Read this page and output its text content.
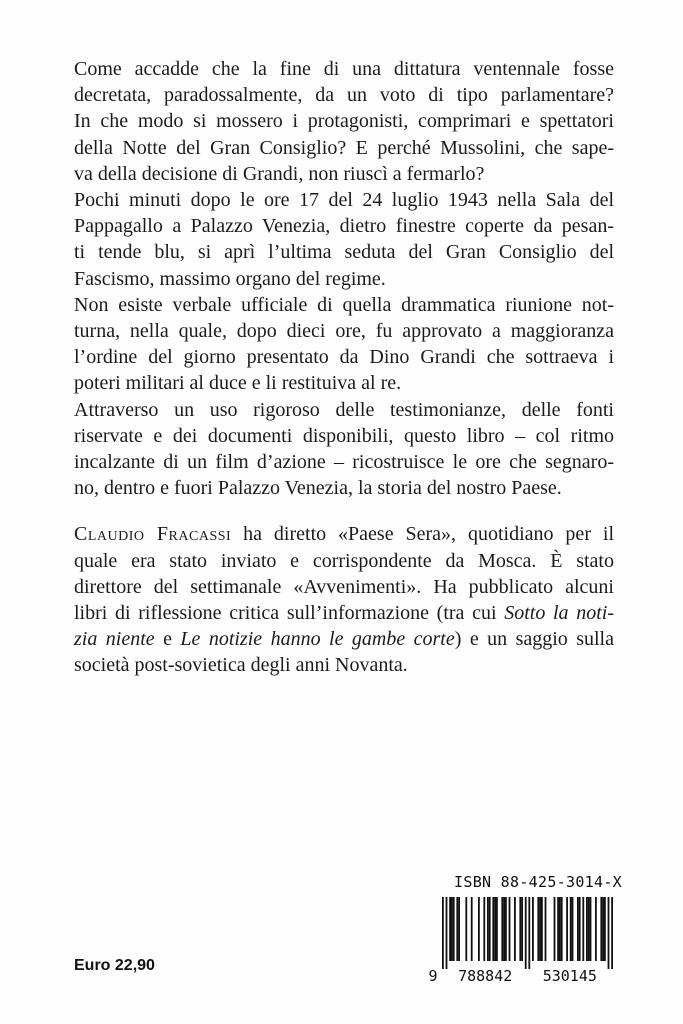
Come accadde che la fine di una dittatura ventennale fosse
decretata, paradossalmente, da un voto di tipo parlamentare?
In che modo si mossero i protagonisti, comprimari e spettatori
della Notte del Gran Consiglio? E perché Mussolini, che sape-
va della decisione di Grandi, non riuscì a fermarlo?

Pochi minuti dopo le ore 17 del 24 luglio 1943 nella Sala del
Pappagallo a Palazzo Venezia, dietro finestre coperte da pesan-
ti tende blu, si aprì l’ultima seduta del Gran Consiglio del
Fascismo, massimo organo del regime.

Non esiste verbale ufficiale di quella drammatica riunione not-
turna, nella quale, dopo dieci ore, fu approvato a maggioranza
l’ordine del giorno presentato da Dino Grandi che sottraeva i
poteri militari al duce e li restituiva al re.

Attraverso un uso rigoroso delle testimonianze, delle fonti
riservate e dei documenti disponibili, questo libro – col ritmo
incalzante di un film d’azione – ricostruisce le ore che segnaro-
no, dentro e fuori Palazzo Venezia, la storia del nostro Paese.

Claudio Fracassi ha diretto «Paese Sera», quotidiano per il
quale era stato inviato e corrispondente da Mosca. È stato
direttore del settimanale «Avvenimenti». Ha pubblicato alcuni
libri di riflessione critica sull’informazione (tra cui Sotto la noti-
zia niente e Le notizie hanno le gambe corte) e un saggio sulla
società post-sovietica degli anni Novanta.

Euro 22,90
ISBN 88-425-3014-X
9 788842 530145
